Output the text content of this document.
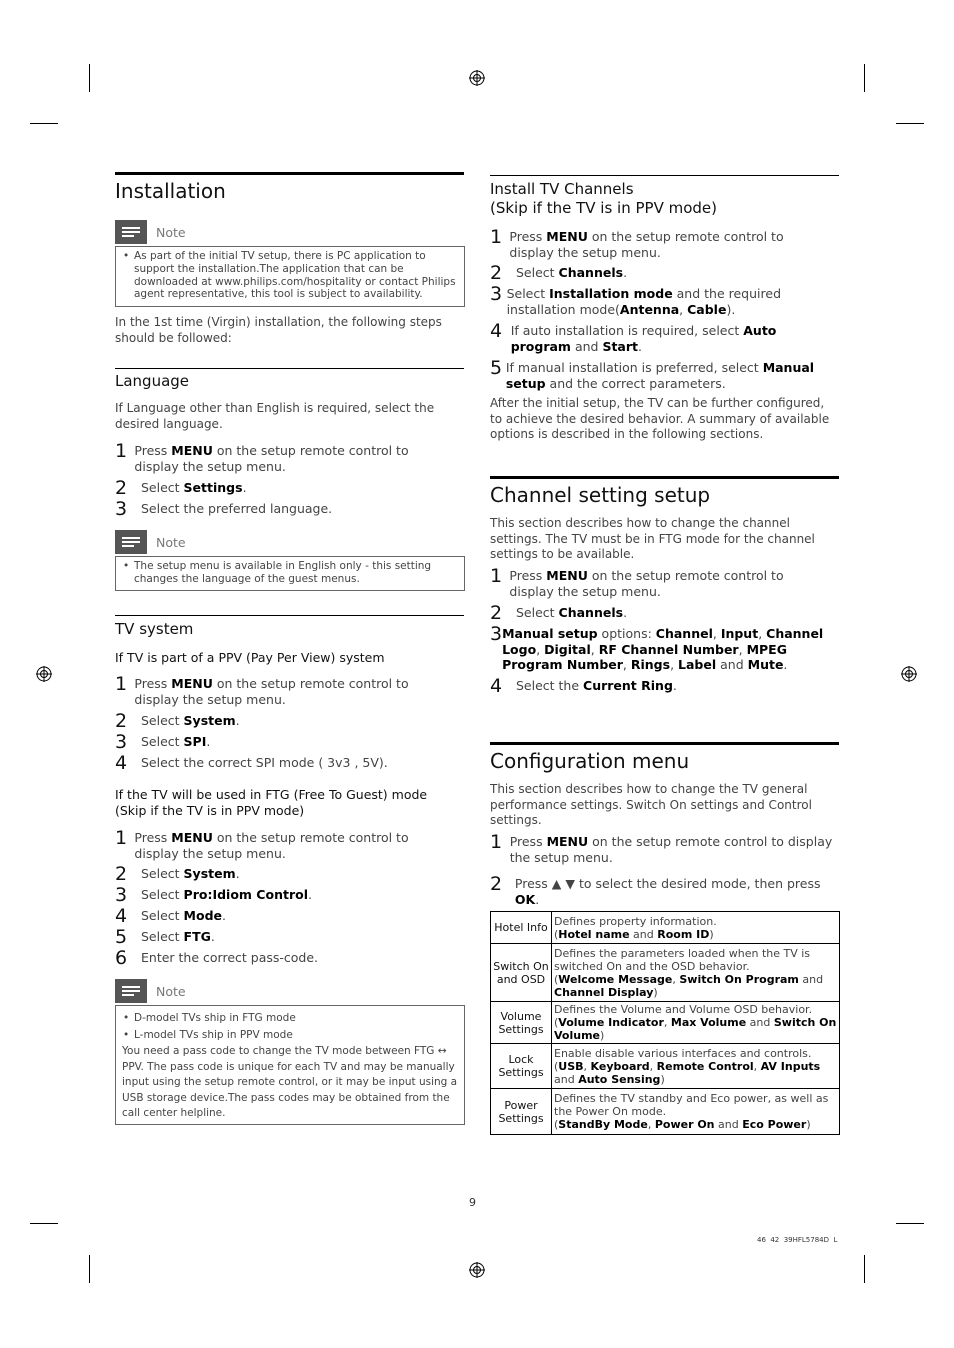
Installation
Note
• As part of the initial TV setup, there is PC application to support the installation.The application that can be downloaded at www.philips.com/hospitality or contact Philips agent representative, this tool is subject to availability.

In the 1st time (Virgin) installation, the following steps should be followed:

Language

If Language other than English is required, select the desired language.

1 Press MENU on the setup remote control to display the setup menu.
2	Select Settings.
3	Select the preferred language.
Note
• The setup menu is available in English only - this setting changes the language of the guest menus.
TV system

If TV is part of a PPV (Pay Per View) system

1 Press MENU on the setup remote control to display the setup menu.
2	Select System.
3	Select SPI.
4	Select the correct SPI mode ( 3v3 , 5V).

If the TV will be used in FTG (Free To Guest) mode
(Skip if the TV is in PPV mode)

1 Press MENU on the setup remote control to display the setup menu.
2	Select System.
3	Select Pro:Idiom Control.
4	Select Mode.
5	Select FTG.
6	Enter the correct pass-code.
Note
• D-model TVs ship in FTG mode
• L-model TVs ship in PPV mode
You need a pass code to change the TV mode between FTG ↔ PPV. The pass code is unique for each TV and may be manually input using the setup remote control, or it may be input using a USB storage device.The pass codes may be obtained from the call center helpline.
Install TV Channels
(Skip if the TV is in PPV mode)
1 Press MENU on the setup remote control to display the setup menu.
2	Select Channels.
3 Select Installation mode and the required installation mode(Antenna, Cable).
4 If auto installation is required, select Auto program and Start.
5 If manual installation is preferred, select Manual setup and the correct parameters.

After the initial setup, the TV can be further configured, to achieve the desired behavior. A summary of available options is described in the following sections.

Channel setting setup

This section describes how to change the channel settings. The TV must be in FTG mode for the channel settings to be available.

1 Press MENU on the setup remote control to display the setup menu.
2	Select Channels.
3 Manual setup options: Channel, Input, Channel Logo, Digital, RF Channel Number, MPEG Program Number, Rings, Label and Mute.
4	Select the Current Ring.
Configuration menu

This section describes how to change the TV general performance settings. Switch On settings and Control settings.

1 Press MENU on the setup remote control to display the setup menu.
2	Press ▲ ▼ to select the desired mode, then press OK.
Hotel Info	Defines property information.
(Hotel name and Room ID)
Switch On and OSD	Defines the parameters loaded when the TV is switched On and the OSD behavior.
(Welcome Message, Switch On Program and Channel Display)
Volume Settings	Defines the Volume and Volume OSD behavior.
(Volume Indicator, Max Volume and Switch On Volume)
Lock Settings	Enable disable various interfaces and controls.
(USB, Keyboard, Remote Control, AV Inputs and Auto Sensing)
Power Settings	Defines the TV standby and Eco power, as well as the Power On mode.
(StandBy Mode, Power On and Eco Power)
9
46  42  39HFL5784D  L
